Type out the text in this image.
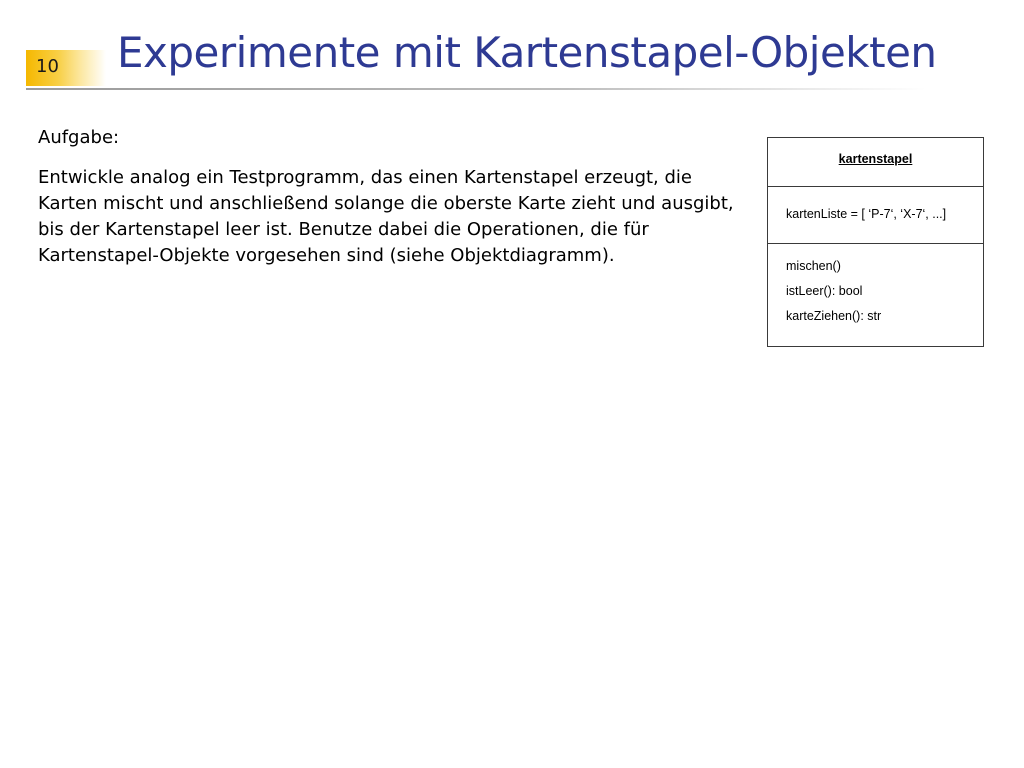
10 Experimente mit Kartenstapel-Objekten

Aufgabe:

Entwickle analog ein Testprogramm, das einen Kartenstapel erzeugt, die Karten mischt und anschließend solange die oberste Karte zieht und ausgibt, bis der Kartenstapel leer ist. Benutze dabei die Operationen, die für Kartenstapel-Objekte vorgesehen sind (siehe Objektdiagramm).

kartenstapel
kartenListe = [ ‘P-7‘, ‘X-7‘, ...]
mischen()
istLeer(): bool
karteZiehen(): str
